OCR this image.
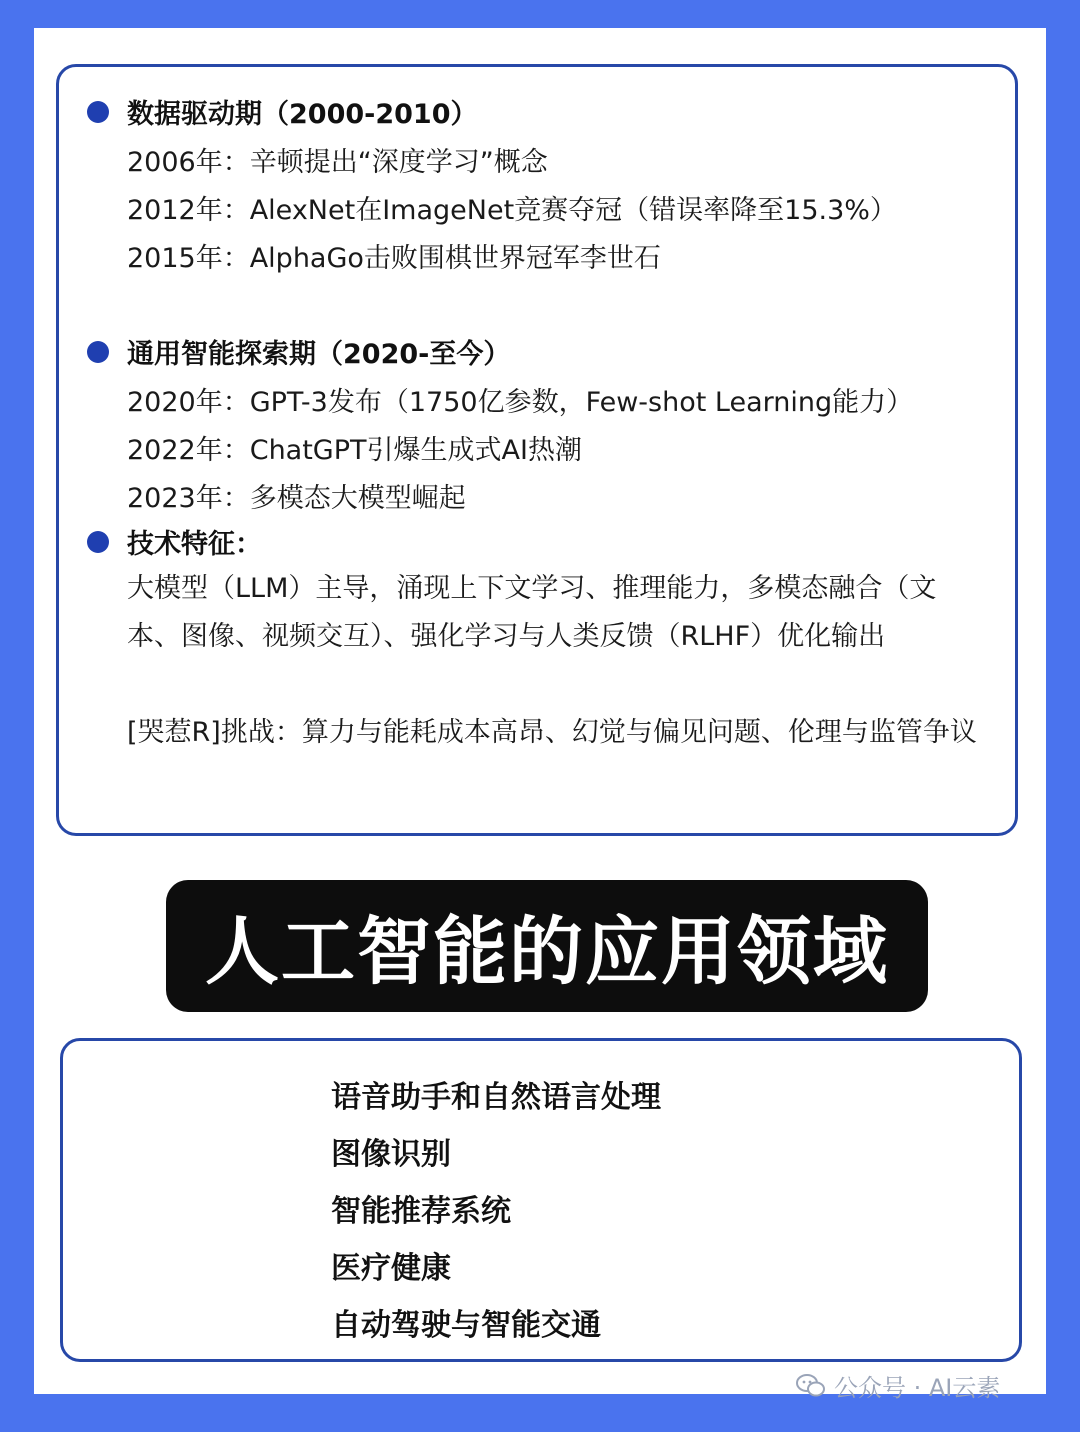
数据驱动期（2000-2010）
2006年：辛顿提出“深度学习”概念
2012年：AlexNet在ImageNet竞赛夺冠（错误率降至15.3%）
2015年：AlphaGo击败围棋世界冠军李世石
通用智能探索期（2020-至今）
2020年：GPT-3发布（1750亿参数，Few-shot Learning能力）
2022年：ChatGPT引爆生成式AI热潮
2023年：多模态大模型崛起
技术特征：
大模型（LLM）主导，涌现上下文学习、推理能力，多模态融合（文本、图像、视频交互）、强化学习与人类反馈（RLHF）优化输出
[哭惹R]挑战：算力与能耗成本高昂、幻觉与偏见问题、伦理与监管争议
人工智能的应用领域
语音助手和自然语言处理
图像识别
智能推荐系统
医疗健康
自动驾驶与智能交通
公众号 · AI云素
